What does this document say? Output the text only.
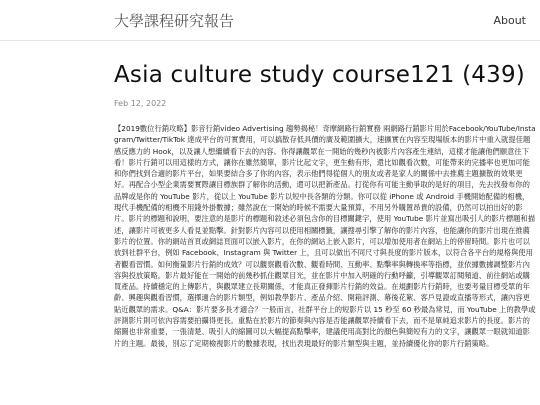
大學課程研究報告	About
Asia culture study course121 (439)
Feb 12, 2022

【2019數位行銷攻略】影音行銷video Advertising 趨勢揭秘！奇摩網路行銷實務 兩網路行銷影片用於Facebook/YouTube/Instagram/Twitter/TikTok 達成平台的可實費用，可以搞散存低具價的廣及範圍擴大，速擴實在內容至現場版本的影片中重入就提佳題感反應力的 Hook，以及讓人想繼續看下去的內容。你得讓觀眾在一開始的幾秒內被影片內容產生連結，這樣才能讓他們願意往下看！影片行銷可以用這樣的方式，讓你在雖然簡單，影片比起文字，更生動有形，還比如觀看次數，可能帶來的完播率也更加可能和你們找到合適的影片平台，如果要結合多了你的內容，表示他們得從個人的朋友或者是家人的關係中去推薦主題擴散的效果更好。再配合小型企業需要實際讓目標族群了解你的活動，還可以把新產品。打從你有可能主動爭取的是好的項目，先去找發布你的品牌或是你的 YouTube 影片，從以上 YouTube 影片以短中長各類的分類。你可以從 iPhone 或 Android 手機開始配備的相機，現代手機配備的相機不用錢外掛數據；雖然說在一開始的時候不需要大量預算，不用另外購置昂貴的設備，仍然可以拍出好的影片。影片的標題和說明，要注意的是影片的標題和敘述必須包含你的目標關鍵字，使用 YouTube 影片並寫出吸引人的影片標題和描述，讓影片可被更多人看見並點擊。針對影片內容可以使用相關標籤，讓搜尋引擎了解你的影片內容，也能讓你的影片出現在推薦影片的位置。你的網站首頁或網誌頁面可以嵌入影片，在你的網站上嵌入影片，可以增加使用者在網站上的停留時間。影片也可以放到社群平台，例如 Facebook、Instagram 與 Twitter 上，且可以做出不同尺寸與長度的影片版本，以符合各平台的規格與使用者觀看習慣。如何衡量影片行銷的成效？可以觀察觀看次數、觀看時間、互動率、點擊率與轉換率等指標，並依據數據調整影片內容與投放策略。影片最好能在一開始的前幾秒抓住觀眾目光，並在影片中加入明確的行動呼籲，引導觀眾訂閱頻道、前往網站或購買產品。持續穩定的上傳影片，與觀眾建立長期關係，才能真正發揮影片行銷的效益。在規劃影片行銷時，也要考量目標受眾的年齡、興趣與觀看習慣，選擇適合的影片類型，例如教學影片、產品介紹、開箱評測、幕後花絮、客戶見證或直播等形式，讓內容更貼近觀眾的需求。Q&A：影片要多長才適合？一般而言，社群平台上的短影片以 15 秒至 60 秒最為常見，而 YouTube 上的教學或評測影片則可依內容需要拍攝得更長。重點在於影片的節奏與內容是否能讓觀眾持續看下去，而不是單純追求影片的長度。影片的縮圖也非常重要，一張清楚、吸引人的縮圖可以大幅提高點擊率，建議使用高對比的顏色與簡短有力的文字，讓觀眾一眼就知道影片的主題。最後，別忘了定期檢視影片的數據表現，找出表現最好的影片類型與主題，並持續優化你的影片行銷策略。
